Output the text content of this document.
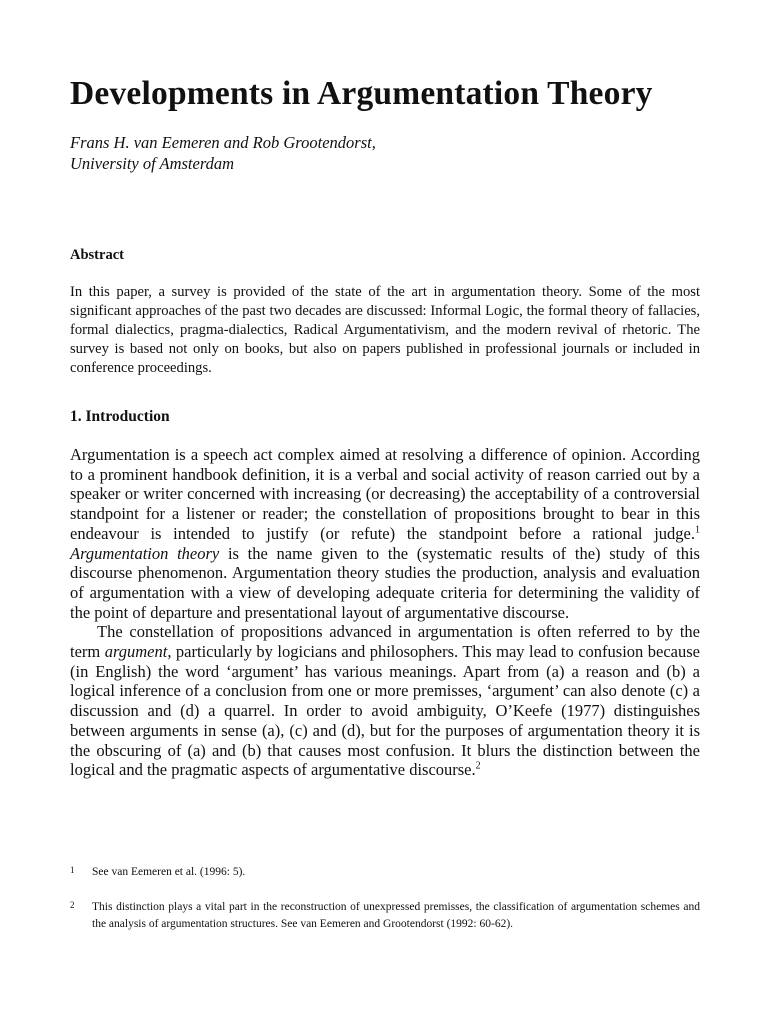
Developments in Argumentation Theory
Frans H. van Eemeren and Rob Grootendorst,
University of Amsterdam
Abstract

In this paper, a survey is provided of the state of the art in argumentation theory. Some of the most significant approaches of the past two decades are discussed: Informal Logic, the formal theory of fallacies, formal dialectics, pragma-dialectics, Radical Argumentativism, and the modern revival of rhetoric. The survey is based not only on books, but also on papers published in professional journals or included in conference proceedings.

1. Introduction

Argumentation is a speech act complex aimed at resolving a difference of opinion. According to a prominent handbook definition, it is a verbal and social activity of reason carried out by a speaker or writer concerned with increasing (or decreasing) the acceptability of a controversial standpoint for a listener or reader; the constellation of propositions brought to bear in this endeavour is intended to justify (or refute) the standpoint before a rational judge.$^1$ Argumentation theory is the name given to the (systematic results of the) study of this discourse phenomenon. Argumentation theory studies the production, analysis and evaluation of argumentation with a view of developing adequate criteria for determining the validity of the point of departure and presentational layout of argumentative discourse.

The constellation of propositions advanced in argumentation is often referred to by the term argument, particularly by logicians and philosophers. This may lead to confusion because (in English) the word ‘argument’ has various meanings. Apart from (a) a reason and (b) a logical inference of a conclusion from one or more premisses, ‘argument’ can also denote (c) a discussion and (d) a quarrel. In order to avoid ambiguity, O’Keefe (1977) distinguishes between arguments in sense (a), (c) and (d), but for the purposes of argumentation theory it is the obscuring of (a) and (b) that causes most confusion. It blurs the distinction between the logical and the pragmatic aspects of argumentative discourse.$^2$

1 See van Eemeren et al. (1996: 5).
2 This distinction plays a vital part in the reconstruction of unexpressed premisses, the classification of argumentation schemes and the analysis of argumentation structures. See van Eemeren and Grootendorst (1992: 60-62).
